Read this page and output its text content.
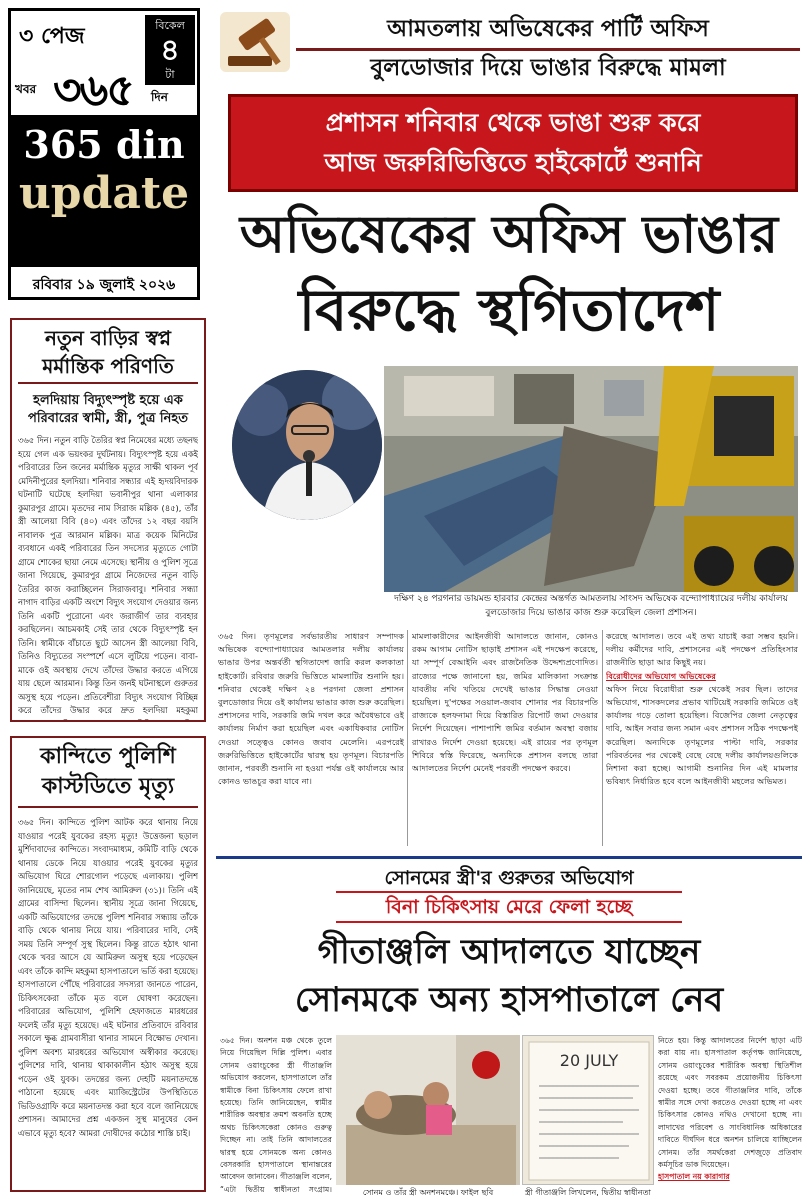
৩ পেজ	বিকেল
৪
টা
খবর ৩৬৫ দিন
365 din
update
রবিবার ১৯ জুলাই ২০২৬
আমতলায় অভিষেকের পার্টি অফিস
বুলডোজার দিয়ে ভাঙার বিরুদ্ধে মামলা
প্রশাসন শনিবার থেকে ভাঙা শুরু করে
আজ জরুরিভিত্তিতে হাইকোর্টে শুনানি
অভিষেকের অফিস ভাঙার
বিরুদ্ধে স্থগিতাদেশ
নতুন বাড়ির স্বপ্ন
মর্মান্তিক পরিণতি
হলদিয়ায় বিদ্যুৎস্পৃষ্ট হয়ে এক পরিবারের স্বামী, স্ত্রী, পুত্র নিহত

৩৬৫ দিন। নতুন বাড়ি তৈরির স্বপ্ন নিমেষের মধ্যে তছনছ হয়ে গেল এক ভয়ংকর দুর্ঘটনায়। বিদ্যুৎস্পৃষ্ট হয়ে একই পরিবারের তিন জনের মর্মান্তিক মৃত্যুর সাক্ষী থাকল পূর্ব মেদিনীপুরের হলদিয়া। শনিবার সন্ধ্যার এই হৃদয়বিদারক ঘটনাটি ঘটেছে হলদিয়া ভবানীপুর থানা এলাকার কুমারপুর গ্রামে। মৃতদের নাম সিরাজ মল্লিক (৪৫), তাঁর স্ত্রী আলেয়া বিবি (৪০) এবং তাঁদের ১২ বছর বয়সি নাবালক পুত্র আরমান মল্লিক। মাত্র কয়েক মিনিটের ব্যবধানে একই পরিবারের তিন সদস্যের মৃত্যুতে গোটা গ্রামে শোকের ছায়া নেমে এসেছে। স্থানীয় ও পুলিশ সূত্রে জানা গিয়েছে, কুমারপুর গ্রামে নিজেদের নতুন বাড়ি তৈরির কাজ করাচ্ছিলেন সিরাজবাবু। শনিবার সন্ধ্যা নাগাদ বাড়ির একটি অংশে বিদ্যুৎ সংযোগ দেওয়ার জন্য তিনি একটি পুরোনো এবং জরাজীর্ণ তার ব্যবহার করছিলেন। আচমকাই সেই তার থেকে বিদ্যুৎস্পৃষ্ট হন তিনি। স্বামীকে বাঁচাতে ছুটে আসেন স্ত্রী আলেয়া বিবি, তিনিও বিদ্যুতের সংস্পর্শে এসে লুটিয়ে পড়েন। বাবা-মাকে ওই অবস্থায় দেখে তাঁদের উদ্ধার করতে এগিয়ে যায় ছেলে আরমান। কিন্তু তিন জনই ঘটনাস্থলে গুরুতর অসুস্থ হয়ে পড়েন। প্রতিবেশীরা বিদ্যুৎ সংযোগ বিচ্ছিন্ন করে তাঁদের উদ্ধার করে দ্রুত হলদিয়া মহকুমা

কান্দিতে পুলিশি
কাস্টডিতে মৃত্যু

৩৬৫ দিন। কান্দিতে পুলিশ আটক করে থানায় নিয়ে যাওয়ার পরেই যুবকের রহস্য মৃত্যু! উত্তেজনা ছড়াল মুর্শিদাবাদের কান্দিতে। সংবাদমাধ্যম, কমিটি বাড়ি থেকে থানায় ডেকে নিয়ে যাওয়ার পরেই যুবকের মৃত্যুর অভিযোগ ঘিরে শোরগোল পড়েছে এলাকায়। পুলিশ জানিয়েছে, মৃতের নাম শেখ আমিরুল (৩১)। তিনি এই গ্রামের বাসিন্দা ছিলেন। স্থানীয় সূত্রে জানা গিয়েছে, একটি অভিযোগের তদন্তে পুলিশ শনিবার সন্ধ্যায় তাঁকে বাড়ি থেকে থানায় নিয়ে যায়। পরিবারের দাবি, সেই সময় তিনি সম্পূর্ণ সুস্থ ছিলেন। কিন্তু রাতে হঠাৎ থানা থেকে খবর আসে যে আমিরুল অসুস্থ হয়ে পড়েছেন এবং তাঁকে কান্দি মহকুমা হাসপাতালে ভর্তি করা হয়েছে। হাসপাতালে পৌঁছে পরিবারের সদস্যরা জানতে পারেন, চিকিৎসকেরা তাঁকে মৃত বলে ঘোষণা করেছেন। পরিবারের অভিযোগ, পুলিশি হেফাজতে মারধরের ফলেই তাঁর মৃত্যু হয়েছে। এই ঘটনার প্রতিবাদে রবিবার সকালে ক্ষুব্ধ গ্রামবাসীরা থানার সামনে বিক্ষোভ দেখান। পুলিশ অবশ্য মারধরের অভিযোগ অস্বীকার করেছে। পুলিশের দাবি, থানায় থাকাকালীন হঠাৎ অসুস্থ হয়ে পড়েন ওই যুবক। তদন্তের জন্য দেহটি ময়নাতদন্তে পাঠানো হয়েছে এবং ম্যাজিস্ট্রেটের উপস্থিতিতে ভিডিওগ্রাফি করে ময়নাতদন্ত করা হবে বলে জানিয়েছে প্রশাসন। আমাদের প্রশ্ন একজন সুস্থ মানুষের কেন এভাবে মৃত্যু হবে? আমরা দোষীদের কঠোর শাস্তি চাই।

দক্ষিণ ২৪ পরগনার ডায়মন্ড হারবার কেন্দ্রের অন্তর্গত আমতলায় সাংসদ অভিষেক বন্দ্যোপাধ্যায়ের দলীয় কার্যালয়
বুলডোজার দিয়ে ভাঙার কাজ শুরু করেছিল জেলা প্রশাসন।
৩৬৫ দিন। তৃণমূলের সর্বভারতীয় সাধারণ সম্পাদক অভিষেক বন্দ্যোপাধ্যায়ের আমতলার দলীয় কার্যালয় ভাঙার উপর অন্তর্বর্তী স্থগিতাদেশ জারি করল কলকাতা হাইকোর্ট। রবিবার জরুরি ভিত্তিতে মামলাটির শুনানি হয়। শনিবার থেকেই দক্ষিণ ২৪ পরগনা জেলা প্রশাসন বুলডোজার দিয়ে ওই কার্যালয় ভাঙার কাজ শুরু করেছিল। প্রশাসনের দাবি, সরকারি জমি দখল করে অবৈধভাবে ওই কার্যালয় নির্মাণ করা হয়েছিল এবং একাধিকবার নোটিস দেওয়া সত্ত্বেও কোনও জবাব মেলেনি। এরপরেই জরুরিভিত্তিতে হাইকোর্টের দ্বারস্থ হয় তৃণমূল। বিচারপতি জানান, পরবর্তী শুনানি না হওয়া পর্যন্ত ওই কার্যালয়ে আর কোনও ভাঙচুর করা যাবে না।
মামলাকারীদের আইনজীবী আদালতে জানান, কোনও রকম আগাম নোটিস ছাড়াই প্রশাসন এই পদক্ষেপ করেছে, যা সম্পূর্ণ বেআইনি এবং রাজনৈতিক উদ্দেশ্যপ্রণোদিত। রাজ্যের পক্ষে জানানো হয়, জমির মালিকানা সংক্রান্ত যাবতীয় নথি খতিয়ে দেখেই ভাঙার সিদ্ধান্ত নেওয়া হয়েছিল। দু'পক্ষের সওয়াল-জবাব শোনার পর বিচারপতি রাজ্যকে হলফনামা দিয়ে বিস্তারিত রিপোর্ট জমা দেওয়ার নির্দেশ দিয়েছেন। পাশাপাশি জমির বর্তমান অবস্থা বজায় রাখারও নির্দেশ দেওয়া হয়েছে। এই রায়ের পর তৃণমূল শিবিরে স্বস্তি ফিরেছে, অন্যদিকে প্রশাসন বলছে তারা আদালতের নির্দেশ মেনেই পরবর্তী পদক্ষেপ করবে।
করেছে আদালত। তবে এই তথ্য যাচাই করা সম্ভব হয়নি। দলীয় কর্মীদের দাবি, প্রশাসনের এই পদক্ষেপ প্রতিহিংসার রাজনীতি ছাড়া আর কিছুই নয়।
বিরোধীদের অভিযোগ অভিষেকের
অফিস নিয়ে বিরোধীরা শুরু থেকেই সরব ছিল। তাদের অভিযোগ, শাসকদলের প্রভাব খাটিয়েই সরকারি জমিতে ওই কার্যালয় গড়ে তোলা হয়েছিল। বিজেপির জেলা নেতৃত্বের দাবি, আইন সবার জন্য সমান এবং প্রশাসন সঠিক পদক্ষেপই করেছিল। অন্যদিকে তৃণমূলের পাল্টা দাবি, সরকার পরিবর্তনের পর থেকেই বেছে বেছে দলীয় কার্যালয়গুলিকে নিশানা করা হচ্ছে। আগামী শুনানির দিন এই মামলার ভবিষ্যৎ নির্ধারিত হবে বলে আইনজীবী মহলের অভিমত।
সোনমের স্ত্রী'র গুরুতর অভিযোগ
বিনা চিকিৎসায় মেরে ফেলা হচ্ছে
গীতাঞ্জলি আদালতে যাচ্ছেন
সোনমকে অন্য হাসপাতালে নেব
৩৬৫ দিন। অনশন মঞ্চ থেকে তুলে নিয়ে গিয়েছিল দিল্লি পুলিশ। এবার সোনম ওয়াংচুকের স্ত্রী গীতাঞ্জলি অভিযোগ করলেন, হাসপাতালে তাঁর স্বামীকে বিনা চিকিৎসায় ফেলে রাখা হয়েছে। তিনি জানিয়েছেন, স্বামীর শারীরিক অবস্থার ক্রমশ অবনতি হচ্ছে অথচ চিকিৎসকেরা কোনও গুরুত্ব দিচ্ছেন না। তাই তিনি আদালতের দ্বারস্থ হয়ে সোনমকে অন্য কোনও বেসরকারি হাসপাতালে স্থানান্তরের আবেদন জানাবেন। গীতাঞ্জলি বলেন, “এটা দ্বিতীয় স্বাধীনতা সংগ্রাম।	সোনম ও তাঁর স্ত্রী অনশনমঞ্চে। ফাইল ছবি
20 JULY
স্ত্রী গীতাঞ্জলি লিখলেন, দ্বিতীয় স্বাধীনতা
নিতে হয়। কিন্তু আদালতের নির্দেশ ছাড়া এটি করা যায় না। হাসপাতাল কর্তৃপক্ষ জানিয়েছে, সোনম ওয়াংচুকের শারীরিক অবস্থা স্থিতিশীল রয়েছে এবং সবরকম প্রয়োজনীয় চিকিৎসা দেওয়া হচ্ছে। তবে গীতাঞ্জলির দাবি, তাঁকে স্বামীর সঙ্গে দেখা করতেও দেওয়া হচ্ছে না এবং চিকিৎসার কোনও নথিও দেখানো হচ্ছে না। লাদাখের পরিবেশ ও সাংবিধানিক অধিকারের দাবিতে দীর্ঘদিন ধরে অনশন চালিয়ে যাচ্ছিলেন সোনম। তাঁর সমর্থকেরা দেশজুড়ে প্রতিবাদ কর্মসূচির ডাক দিয়েছেন।
হাসপাতাল নয় কারাগার
